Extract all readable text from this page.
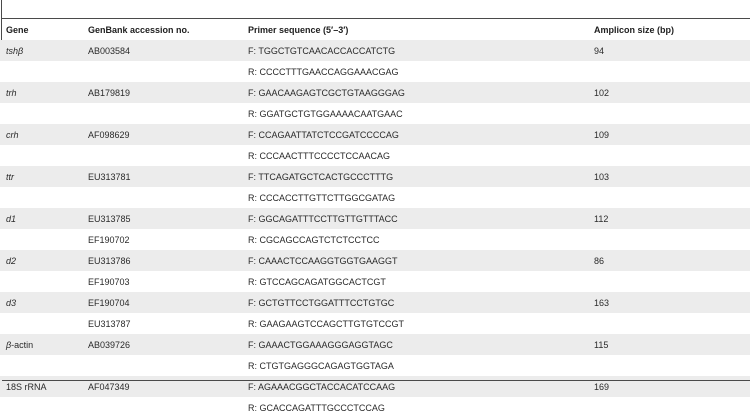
Gene	GenBank accession no.	Primer sequence (5′–3′)	Amplicon size (bp)
tshβ	AB003584	F: TGGCTGTCAACACCACCATCTG	94
		R: CCCCTTTGAACCAGGAAACGAG	
trh	AB179819	F: GAACAAGAGTCGCTGTAAGGGAG	102
		R: GGATGCTGTGGAAAACAATGAAC	
crh	AF098629	F: CCAGAATTATCTCCGATCCCCAG	109
		R: CCCAACTTTCCCCTCCAACAG	
ttr	EU313781	F: TTCAGATGCTCACTGCCCTTTG	103
		R: CCCACCTTGTTCTTGGCGATAG	
d1	EU313785	F: GGCAGATTTCCTTGTTGTTTACC	112
	EF190702	R: CGCAGCCAGTCTCTCCTCC	
d2	EU313786	F: CAAACTCCAAGGTGGTGAAGGT	86
	EF190703	R: GTCCAGCAGATGGCACTCGT	
d3	EF190704	F: GCTGTTCCTGGATTTCCTGTGC	163
	EU313787	R: GAAGAAGTCCAGCTTGTGTCCGT	
β-actin	AB039726	F: GAAACTGGAAAGGGAGGTAGC	115
		R: CTGTGAGGGCAGAGTGGTAGA	
18S rRNA	AF047349	F: AGAAACGGCTACCACATCCAAG	169
		R: GCACCAGATTTGCCCTCCAG	
